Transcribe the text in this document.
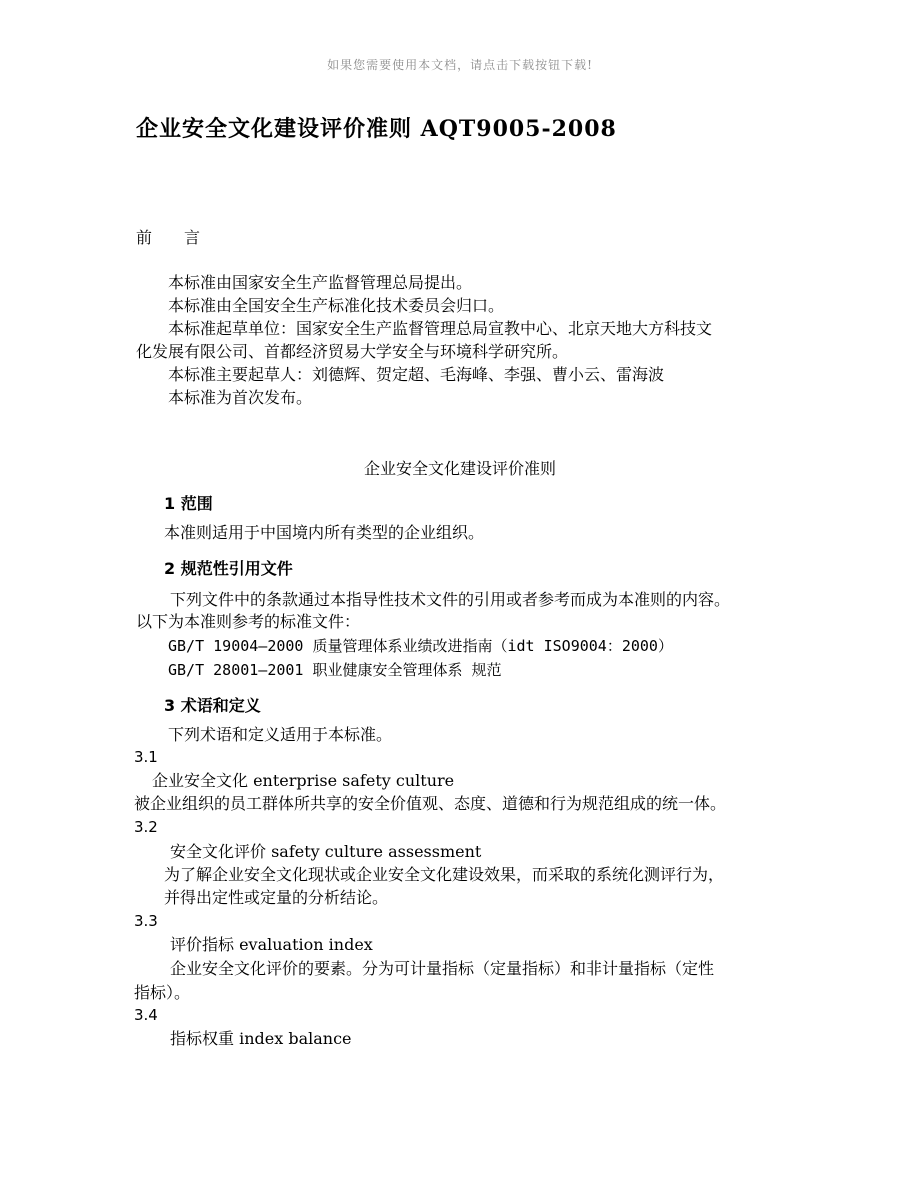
如果您需要使用本文档，请点击下载按钮下载!
企业安全文化建设评价准则 AQT9005-2008
前　　言
本标准由国家安全生产监督管理总局提出。
本标准由全国安全生产标准化技术委员会归口。
本标准起草单位：国家安全生产监督管理总局宣教中心、北京天地大方科技文
化发展有限公司、首都经济贸易大学安全与环境科学研究所。
本标准主要起草人：刘德辉、贺定超、毛海峰、李强、曹小云、雷海波
本标准为首次发布。
企业安全文化建设评价准则
1 范围
本准则适用于中国境内所有类型的企业组织。
2 规范性引用文件
下列文件中的条款通过本指导性技术文件的引用或者参考而成为本准则的内容。
以下为本准则参考的标准文件：
GB/T 19004—2000 质量管理体系业绩改进指南（idt ISO9004：2000）
GB/T 28001—2001 职业健康安全管理体系 规范
3 术语和定义
下列术语和定义适用于本标准。
3.1
企业安全文化 enterprise safety culture
被企业组织的员工群体所共享的安全价值观、态度、道德和行为规范组成的统一体。
3.2
安全文化评价 safety culture assessment
为了解企业安全文化现状或企业安全文化建设效果，而采取的系统化测评行为，
并得出定性或定量的分析结论。
3.3
评价指标 evaluation index
企业安全文化评价的要素。分为可计量指标（定量指标）和非计量指标（定性
指标）。
3.4
指标权重 index balance
